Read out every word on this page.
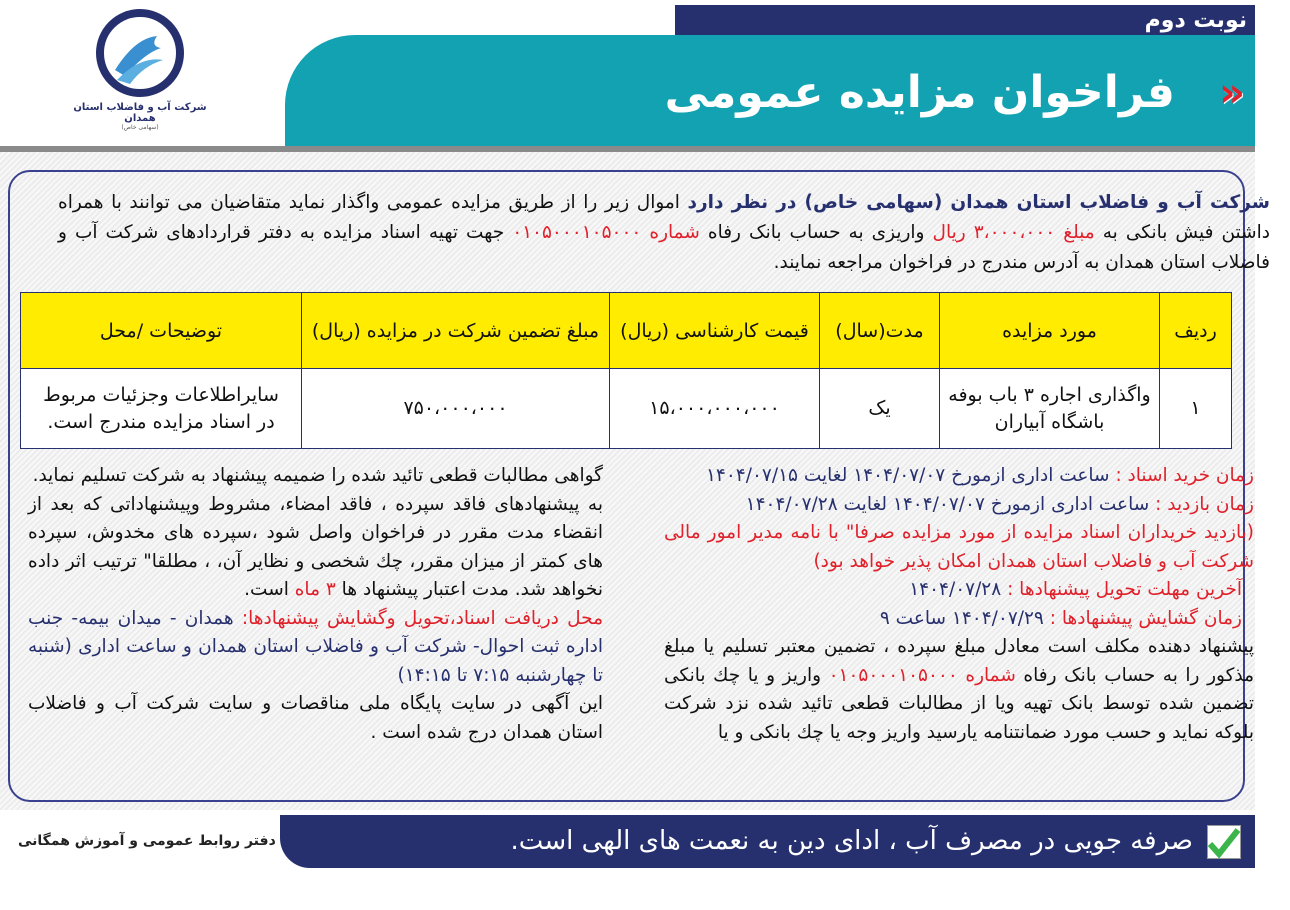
نوبت دوم
«
فراخوان مزایده عمومی
شرکت آب و فاضلاب استان همدان
(سهامی خاص)
شرکت آب و فاضلاب استان همدان (سهامی خاص) در نظر دارد اموال زیر را از طریق مزایده عمومی واگذار نماید متقاضیان می توانند با همراه داشتن فیش بانکی به مبلغ ۳،۰۰۰،۰۰۰ ریال واریزی به حساب بانک رفاه شماره ۰۱۰۵۰۰۰۱۰۵۰۰۰ جهت تهیه اسناد مزایده به دفتر قراردادهای شرکت آب و فاضلاب استان همدان به آدرس مندرج در فراخوان مراجعه نمایند.
ردیف	مورد مزایده	مدت(سال)	قیمت کارشناسی (ریال)	مبلغ تضمین شرکت در مزایده (ریال)	توضیحات /محل
۱	واگذاری اجاره ۳ باب بوفه باشگاه آبیاران	یک	۱۵،۰۰۰،۰۰۰،۰۰۰	۷۵۰،۰۰۰،۰۰۰	سایراطلاعات وجزئیات مربوط در اسناد مزایده مندرج است.
زمان خرید اسناد : ساعت اداری ازمورخ ۱۴۰۴/۰۷/۰۷ لغایت ۱۴۰۴/۰۷/۱۵
زمان بازدید : ساعت اداری ازمورخ ۱۴۰۴/۰۷/۰۷ لغایت ۱۴۰۴/۰۷/۲۸
(بازدید خریداران اسناد مزایده از مورد مزایده صرفا" با نامه مدیر امور مالی شرکت آب و فاضلاب استان همدان امکان پذیر خواهد بود)
آخرین مهلت تحویل پیشنهادها : ۱۴۰۴/۰۷/۲۸
زمان گشایش پیشنهادها : ۱۴۰۴/۰۷/۲۹ ساعت ۹
پیشنهاد دهنده مکلف است معادل مبلغ سپرده ، تضمین معتبر تسلیم یا مبلغ مذکور را به حساب بانک رفاه شماره ۰۱۰۵۰۰۰۱۰۵۰۰۰ واریز و یا چك بانکی تضمین شده توسط بانک تهیه ویا از مطالبات قطعی تائید شده نزد شرکت بلوکه نماید و حسب مورد ضمانتنامه یارسید واریز وجه یا چك بانکی و یا
گواهی مطالبات قطعی تائید شده را ضمیمه پیشنهاد به شرکت تسلیم نماید.
به پیشنهادهای فاقد سپرده ، فاقد امضاء، مشروط وپیشنهاداتی که بعد از انقضاء مدت مقرر در فراخوان واصل شود ،سپرده های مخدوش، سپرده های کمتر از میزان مقرر، چك شخصی و نظایر آن، ، مطلقا" ترتیب اثر داده نخواهد شد. مدت اعتبار پیشنهاد ها ۳ ماه است.
محل دریافت اسناد،تحویل وگشایش پیشنهادها: همدان - میدان بیمه- جنب اداره ثبت احوال- شرکت آب و فاضلاب استان همدان و ساعت اداری (شنبه تا چهارشنبه ۷:۱۵ تا ۱۴:۱۵)
این آگهی در سایت پایگاه ملی مناقصات و سایت شرکت آب و فاضلاب استان همدان درج شده است .
صرفه جویی در مصرف آب ، ادای دین به نعمت های الهی است.
دفتر روابط عمومی و آموزش همگانی
